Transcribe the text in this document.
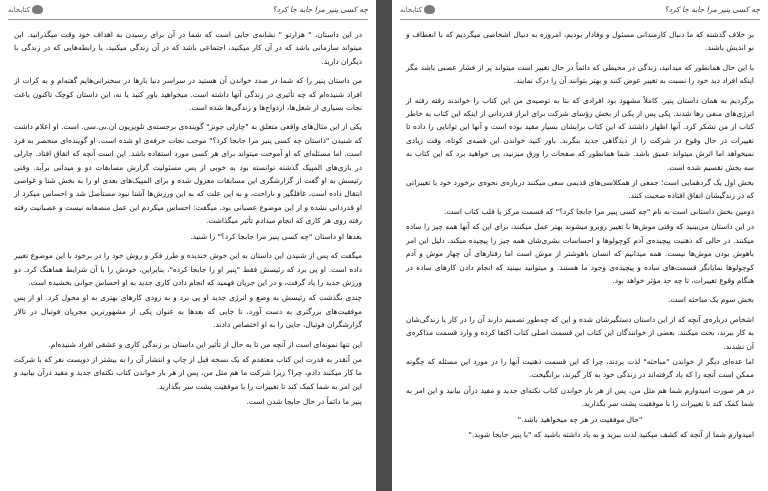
چه کسی پنیر مرا جابه جا کرد؟
کتابخانه

در این داستان، " هزارتو " نشانه‌ی جایی است که شما در آن برای رسیدن به اهداف خود وقت میگذرانید. این میتواند سازمانی باشد که در آن کار میکنید، اجتماعی باشد که در آن زندگی میکنید، یا رابطه‌هایی که در زندگی با دیگران دارید.

من داستان پنیر را که شما در صدد خواندن آن هستید در سراسر دنیا بارها در سخنرانی‌هایم گفته‌ام و به کرات از افراد شنیده‌ام که چه تأثیری در زندگی آنها داشته است. میخواهید باور کنید یا نه، این داستان کوچک تاکنون باعث نجات بسیاری از شغل‌ها، ازدواج‌ها و زندگی‌ها شده است.

یکی از این مثال‌های واقعی متعلق به "چارلی جونز" گوینده‌ی برجسته‌ی تلویزیون ان.بی.سی. است. او اعلام داشت که شنیدن "داستان چه کسی پنیر مرا جابجا کرد؟" موجب نجات حرفه‌ی او شده است. او گوینده‌ای منحصر به فرد است. اما مسئله‌ای که او آموخت میتواند برای هر کسی مورد استفاده باشد. این است آنچه که اتفاق افتاد. چارلی در بازی‌های المپیک گذشته توانسته بود به خوبی از پس مسئولیت گزارش مسابقات دو و میدانی برآید. وقتی رئیسش به او گفت از گزارشگری این مسابقات معزول شده و برای المپیک‌های بعدی او را به بخش شنا و غواصی انتقال داده است، غافلگیر و ناراحت، و به این علت که به این ورزش‌ها آشنا نبود مستأصل شد و احساس میکرد از او قدردانی نشده و از این موضوع عصبانی بود. میگفت: احساس میکردم این عمل منصفانه نیست و عصبانیت رفته رفته روی هر کاری که انجام میدادم تأثیر میگذاشت.

بعدها او داستان "چه کسی پنیر مرا جابجا کرد؟" را شنید.

میگفت که پس از شنیدن این داستان به این خوش خندیده و طرز فکر و روش خود را در برخود با این موضوع تغییر داده است. او پی برد که رئیسش فقط "پنیر او را جابجا کرده"، بنابراین، خودش را با آن شرایط هماهنگ کرد. دو ورزش جدید را یاد گرفت، و در این جریان فهمید که انجام دادن کاری جدید به او احساس جوانی بخشیده است.

چندی نگذشت که رئیسش به وضع و انرژی جدید او پی برد و به زودی کارهای بهتری به او محول کرد. او از پس موفقیت‌های بزرگتری به دست آورد، تا جایی که بعدها به عنوان یکی از مشهورترین مجریان فوتبال در تالار گزارشگران فوتبال، جایی را به او اختصاص دادند.

این تنها نمونه‌ای است از آنچه من تا به حال از تأثیر این داستان بر زندگی کاری و عشقی افراد شنیده‌ام.

من آنقدر به قدرت این کتاب معتقدم که یک نسخه قبل از چاپ و انتشار آن را به بیشتر از دویست نفر که با شرکت ما کار میکنند دادم، چرا؟ زیرا شرکت ما هم مثل من، پس از هر بار خواندن کتاب نکته‌ای جدید و مفید درآن بیابید و این امر به شما کمک کند تا تغییرات را با موفقیت پشت سر بگذارید.

پنیر ما دائماً در حال جابجا شدن است.

چه کسی پنیر مرا جابه جا کرد؟
کتابخانه

بر خلاف گذشته که ما دنبال کارمندانی مسئول و وفادار بودیم، امروزه به دنبال اشخاصی میگردیم که با انعطاف و نو اندیش باشند.

با این حال همانطور که میدانید، زندگی در محیطی که دائماً در حال تغییر است میتواند پر از فشار عصبی باشد مگر اینکه افراد دید خود را نسبت به تغییر عوض کنند و بهتر بتوانند آن را درک نمایند.

برگردیم به همان داستان پنیر. کاملاً مشهود بود افرادی که بنا به توصیه‌ی من این کتاب را خواندند رفته رفته از انرژی‌های منفی رها شدند. یکی پس از یکی از بخش رؤسای شرکت برای ابراز قدردانی از اینکه این کتاب به خاطر کتاب از من تشکر کرد. آنها اظهار داشتند که این کتاب برایشان بسیار مفید بوده است و آنها این توانایی را داده تا تغییرات در حال وقوع در شرکت را از دیدگاهی جدید بنگرند. باور کنید خواندن این قصه‌ی کوتاه، وقت زیادی نمیخواهد اما اثرش میتواند عمیق باشد. شما همانطور که صفحات را ورق میزنید، پی خواهید برد که این کتاب به سه بخش تقسیم شده است.

بخش اول یک گردهمایی است؛ جمعی از همکلاسی‌های قدیمی سعی میکنند درباره‌ی نحوه‌ی برخورد خود با تغییراتی که در زندگیشان اتفاق افتاده صحبت کنند.

دومین بخش داستانی است به نام "چه کسی پنیر مرا جابجا کرد؟" که قسمت مرکز یا قلب کتاب است.

در این داستان می‌بینید که وقتی موش‌ها با تغییر روبرو میشوند بهتر عمل میکنند، برای این که آنها همه چیز را ساده میکنند. در حالی که ذهنیت پیچیده‌ی آدم کوچولوها و احساسات بشری‌شان همه چیز را پیچیده میکند. دلیل این امر باهوش بودن موش‌ها نیست. همه میدانیم که انسان باهوشتر از موش است اما رفتارهای آن چهار موش و آدم کوچولوها نمایانگر قسمت‌های ساده و پیچیده‌ی وجود ما هستند. و میتوانید ببینید که انجام دادن کارهای ساده در هنگام وقوع تغییرات، تا چه حد مؤثر خواهد بود.

بخش سوم یک مباحثه است.

اشخاص درباره‌ی آنچه که از این داستان دستگیرشان شده و این که چه‌طور تصمیم دارند آن را در کار یا زندگی‌شان به کار ببرند، بحث میکنند. بعضی از خوانندگان این کتاب این قسمت اصلی کتاب اکتفا کرده و وارد قسمت مذاکره‌ی آن نشدند.

اما عده‌ای دیگر از خواندن "مباحثه" لذت بردند، چرا که این قسمت ذهنیت آنها را در مورد این مسئله که چگونه ممکن است آنچه را که یاد گرفته‌اند در زندگی خود به کار گیرند، برانگیخت.

در هر صورت امیدوارم شما هم مثل من، پس از هر بار خواندن کتاب نکته‌ای جدید و مفید درآن بیابید و این امر به شما کمک کند تا تغییرات را با موفقیت پشت سر بگذارید.

"حال موفقیت در هر چه میخواهید باشد."

امیدوارم شما از آنچه که کشف میکنید لذت ببرید و به یاد داشته باشید که "با پنیر جابجا شوید."
